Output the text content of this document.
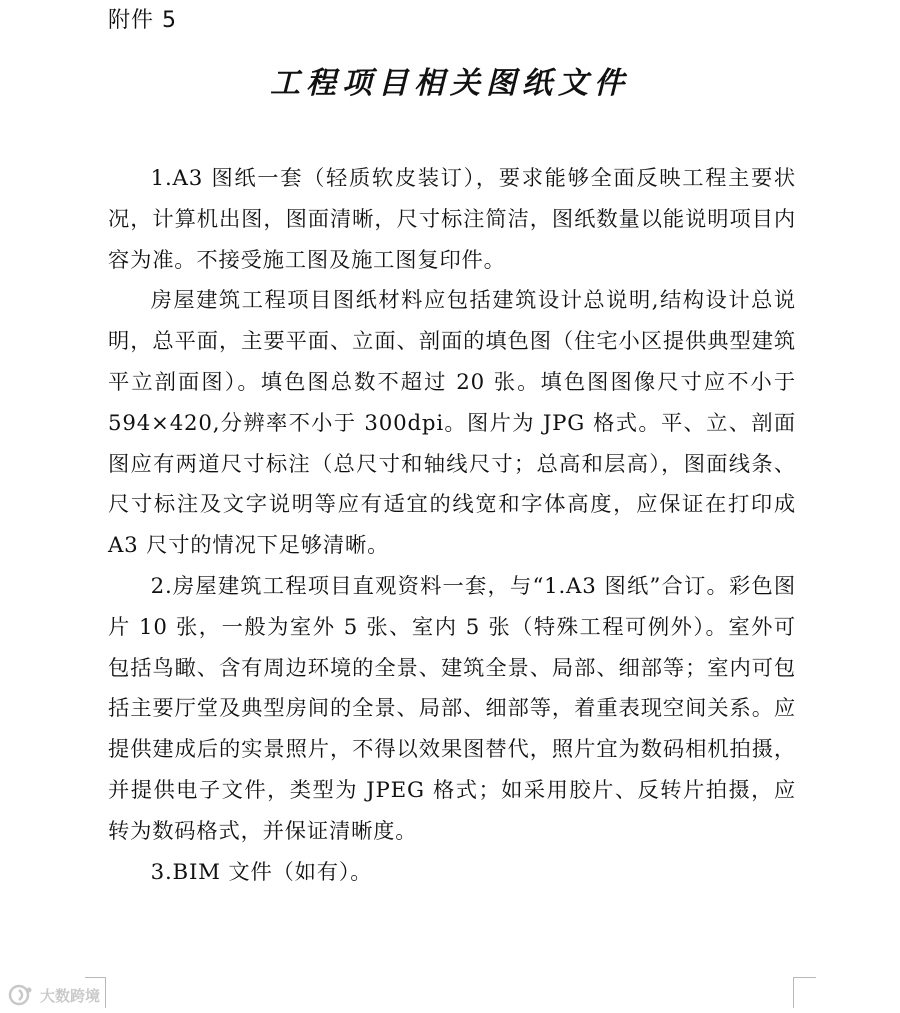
附件 5
工程项目相关图纸文件

1.A3 图纸一套（轻质软皮装订），要求能够全面反映工程主要状况，计算机出图，图面清晰，尺寸标注简洁，图纸数量以能说明项目内容为准。不接受施工图及施工图复印件。

房屋建筑工程项目图纸材料应包括建筑设计总说明,结构设计总说明，总平面，主要平面、立面、剖面的填色图（住宅小区提供典型建筑平立剖面图）。填色图总数不超过 20 张。填色图图像尺寸应不小于 594×420,分辨率不小于 300dpi。图片为 JPG 格式。平、立、剖面图应有两道尺寸标注（总尺寸和轴线尺寸；总高和层高），图面线条、尺寸标注及文字说明等应有适宜的线宽和字体高度，应保证在打印成 A3 尺寸的情况下足够清晰。

2.房屋建筑工程项目直观资料一套，与“1.A3 图纸”合订。彩色图片 10 张，一般为室外 5 张、室内 5 张（特殊工程可例外）。室外可包括鸟瞰、含有周边环境的全景、建筑全景、局部、细部等；室内可包括主要厅堂及典型房间的全景、局部、细部等，着重表现空间关系。应提供建成后的实景照片，不得以效果图替代，照片宜为数码相机拍摄，并提供电子文件，类型为 JPEG 格式；如采用胶片、反转片拍摄，应转为数码格式，并保证清晰度。

3.BIM 文件（如有）。

大数跨境
